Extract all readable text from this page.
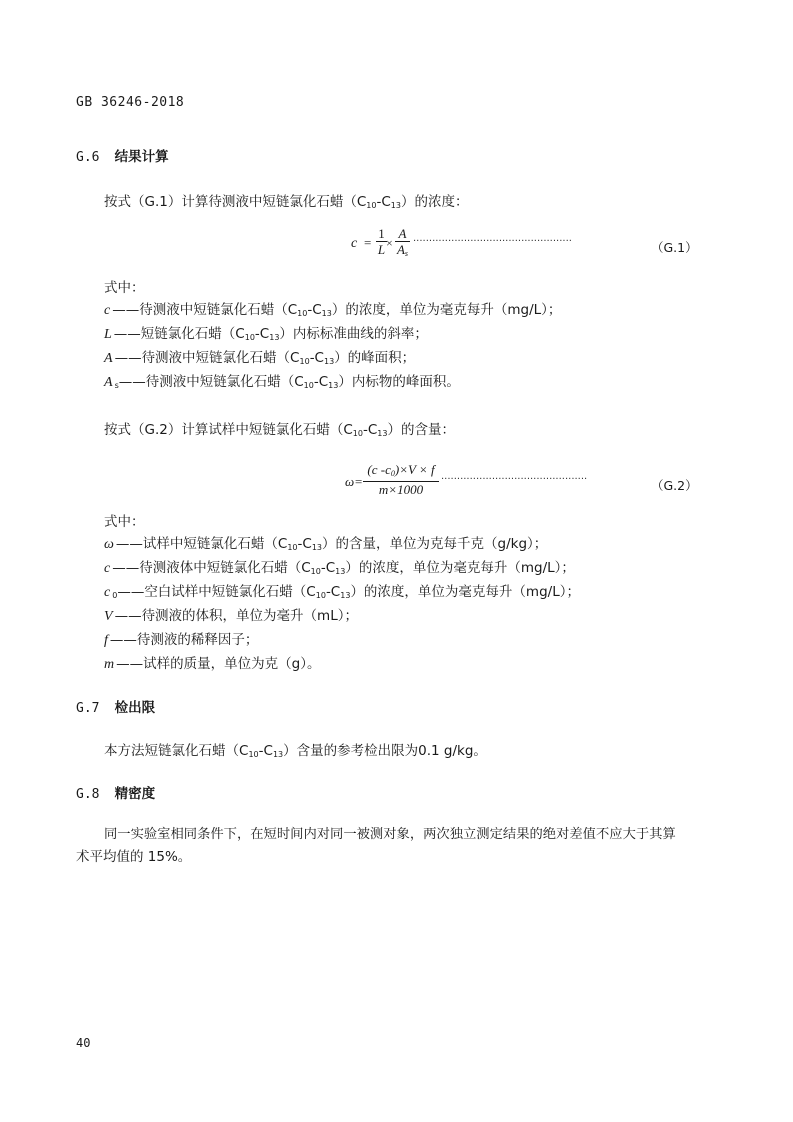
GB 36246-2018
G.6 结果计算
按式（G.1）计算待测液中短链氯化石蜡$(C_{10}-C_{13})$的浓度：
c =
1
L ×
A
$A_s$
··················································	（G.1）
式中：
c ——待测液中短链氯化石蜡$(C_{10}-C_{13})$的浓度，单位为毫克每升（mg/L）；
L ——短链氯化石蜡$(C_{10}-C_{13})$内标标准曲线的斜率；
A ——待测液中短链氯化石蜡$(C_{10}-C_{13})$的峰面积；
A $_s$——待测液中短链氯化石蜡$(C_{10}-C_{13})$内标物的峰面积。
按式（G.2）计算试样中短链氯化石蜡$(C_{10}-C_{13})$的含量：
ω=
(c $-c_0)\times V \times f$
m×1000
··············································	（G.2）
式中：
ω ——试样中短链氯化石蜡$(C_{10}-C_{13})$的含量，单位为克每千克（g/kg）；
c ——待测液体中短链氯化石蜡$(C_{10}-C_{13})$的浓度，单位为毫克每升（mg/L）；
c $_0$——空白试样中短链氯化石蜡$(C_{10}-C_{13})$的浓度，单位为毫克每升（mg/L）；
V ——待测液的体积，单位为毫升（mL）；
f ——待测液的稀释因子；
m ——试样的质量，单位为克（g）。
G.7 检出限
本方法短链氯化石蜡$(C_{10}-C_{13})$含量的参考检出限为0.1 g/kg。
G.8 精密度
同一实验室相同条件下，在短时间内对同一被测对象，两次独立测定结果的绝对差值不应大于其算
术平均值的 15%。
40
